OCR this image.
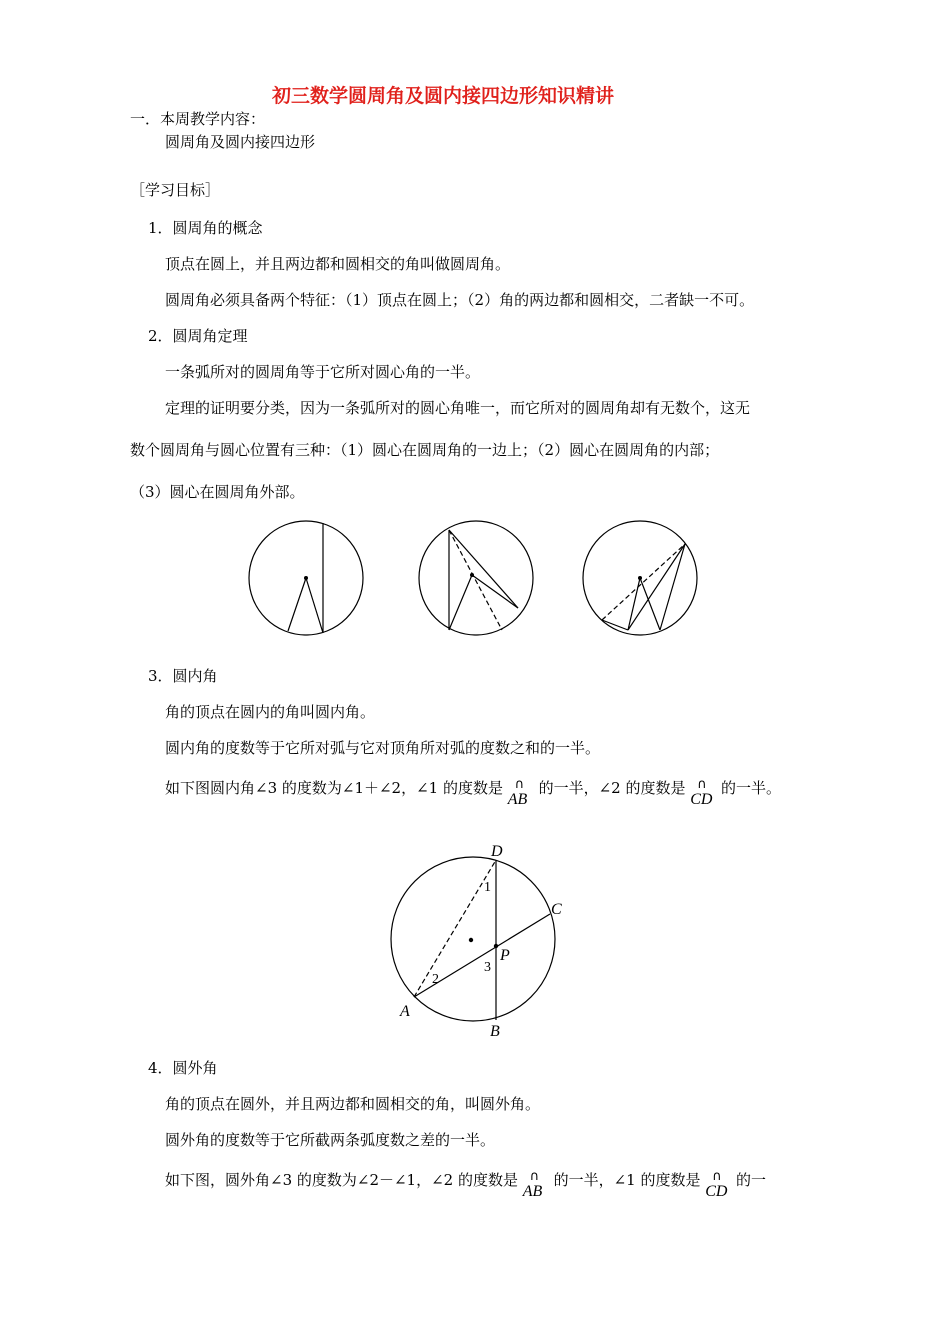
初三数学圆周角及圆内接四边形知识精讲
一．本周教学内容：
圆周角及圆内接四边形
［学习目标］
1．圆周角的概念
顶点在圆上，并且两边都和圆相交的角叫做圆周角。
圆周角必须具备两个特征：（1）顶点在圆上；（2）角的两边都和圆相交，二者缺一不可。
2．圆周角定理
一条弧所对的圆周角等于它所对圆心角的一半。
定理的证明要分类，因为一条弧所对的圆心角唯一，而它所对的圆周角却有无数个，这无
数个圆周角与圆心位置有三种：（1）圆心在圆周角的一边上；（2）圆心在圆周角的内部；
（3）圆心在圆周角外部。
3．圆内角
角的顶点在圆内的角叫圆内角。
圆内角的度数等于它所对弧与它对顶角所对弧的度数之和的一半。
如下图圆内角∠3 的度数为∠1＋∠2，∠1 的度数是 ∩
AB
的一半，∠2 的度数是 ∩
CD
的一半。
D
C
P
A
B
1
2
3
4．圆外角
角的顶点在圆外，并且两边都和圆相交的角，叫圆外角。
圆外角的度数等于它所截两条弧度数之差的一半。
如下图，圆外角∠3 的度数为∠2－∠1，∠2 的度数是 ∩
AB
的一半，∠1 的度数是 ∩
CD
的一
